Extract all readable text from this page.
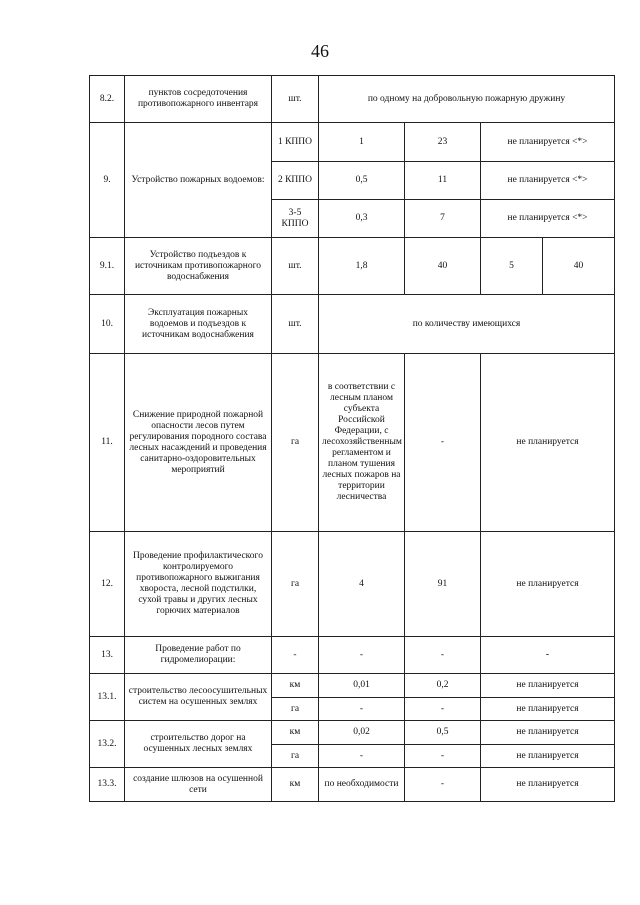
46
8.2.	пунктов сосредоточения противопожарного инвентаря	шт.	по одному на добровольную пожарную дружину			
9.	Устройство пожарных водоемов:	1 КППО	1	23	не планируется <*>	
		2 КППО	0,5	11	не планируется <*>	
		3-5 КППО	0,3	7	не планируется <*>	
9.1.	Устройство подъездов к источникам противопожарного водоснабжения	шт.	1,8	40	5	40
10.	Эксплуатация пожарных водоемов и подъездов к источникам водоснабжения	шт.	по количеству имеющихся			
11.	Снижение природной пожарной опасности лесов путем регулирования породного состава лесных насаждений и проведения санитарно-оздоровительных мероприятий	га	в соответствии с лесным планом субъекта Российской Федерации, с лесохозяйственным регламентом и планом тушения лесных пожаров на территории лесничества	-	не планируется	
12.	Проведение профилактического контролируемого противопожарного выжигания хвороста, лесной подстилки, сухой травы и других лесных горючих материалов	га	4	91	не планируется	
13.	Проведение работ по гидромелиорации:	-	-	-	-	
13.1.	строительство лесоосушительных систем на осушенных землях	км	0,01	0,2	не планируется	
		га	-	-	не планируется	
13.2.	строительство дорог на осушенных лесных землях	км	0,02	0,5	не планируется	
		га	-	-	не планируется	
13.3.	создание шлюзов на осушенной сети	км	по необходимости	-	не планируется	
